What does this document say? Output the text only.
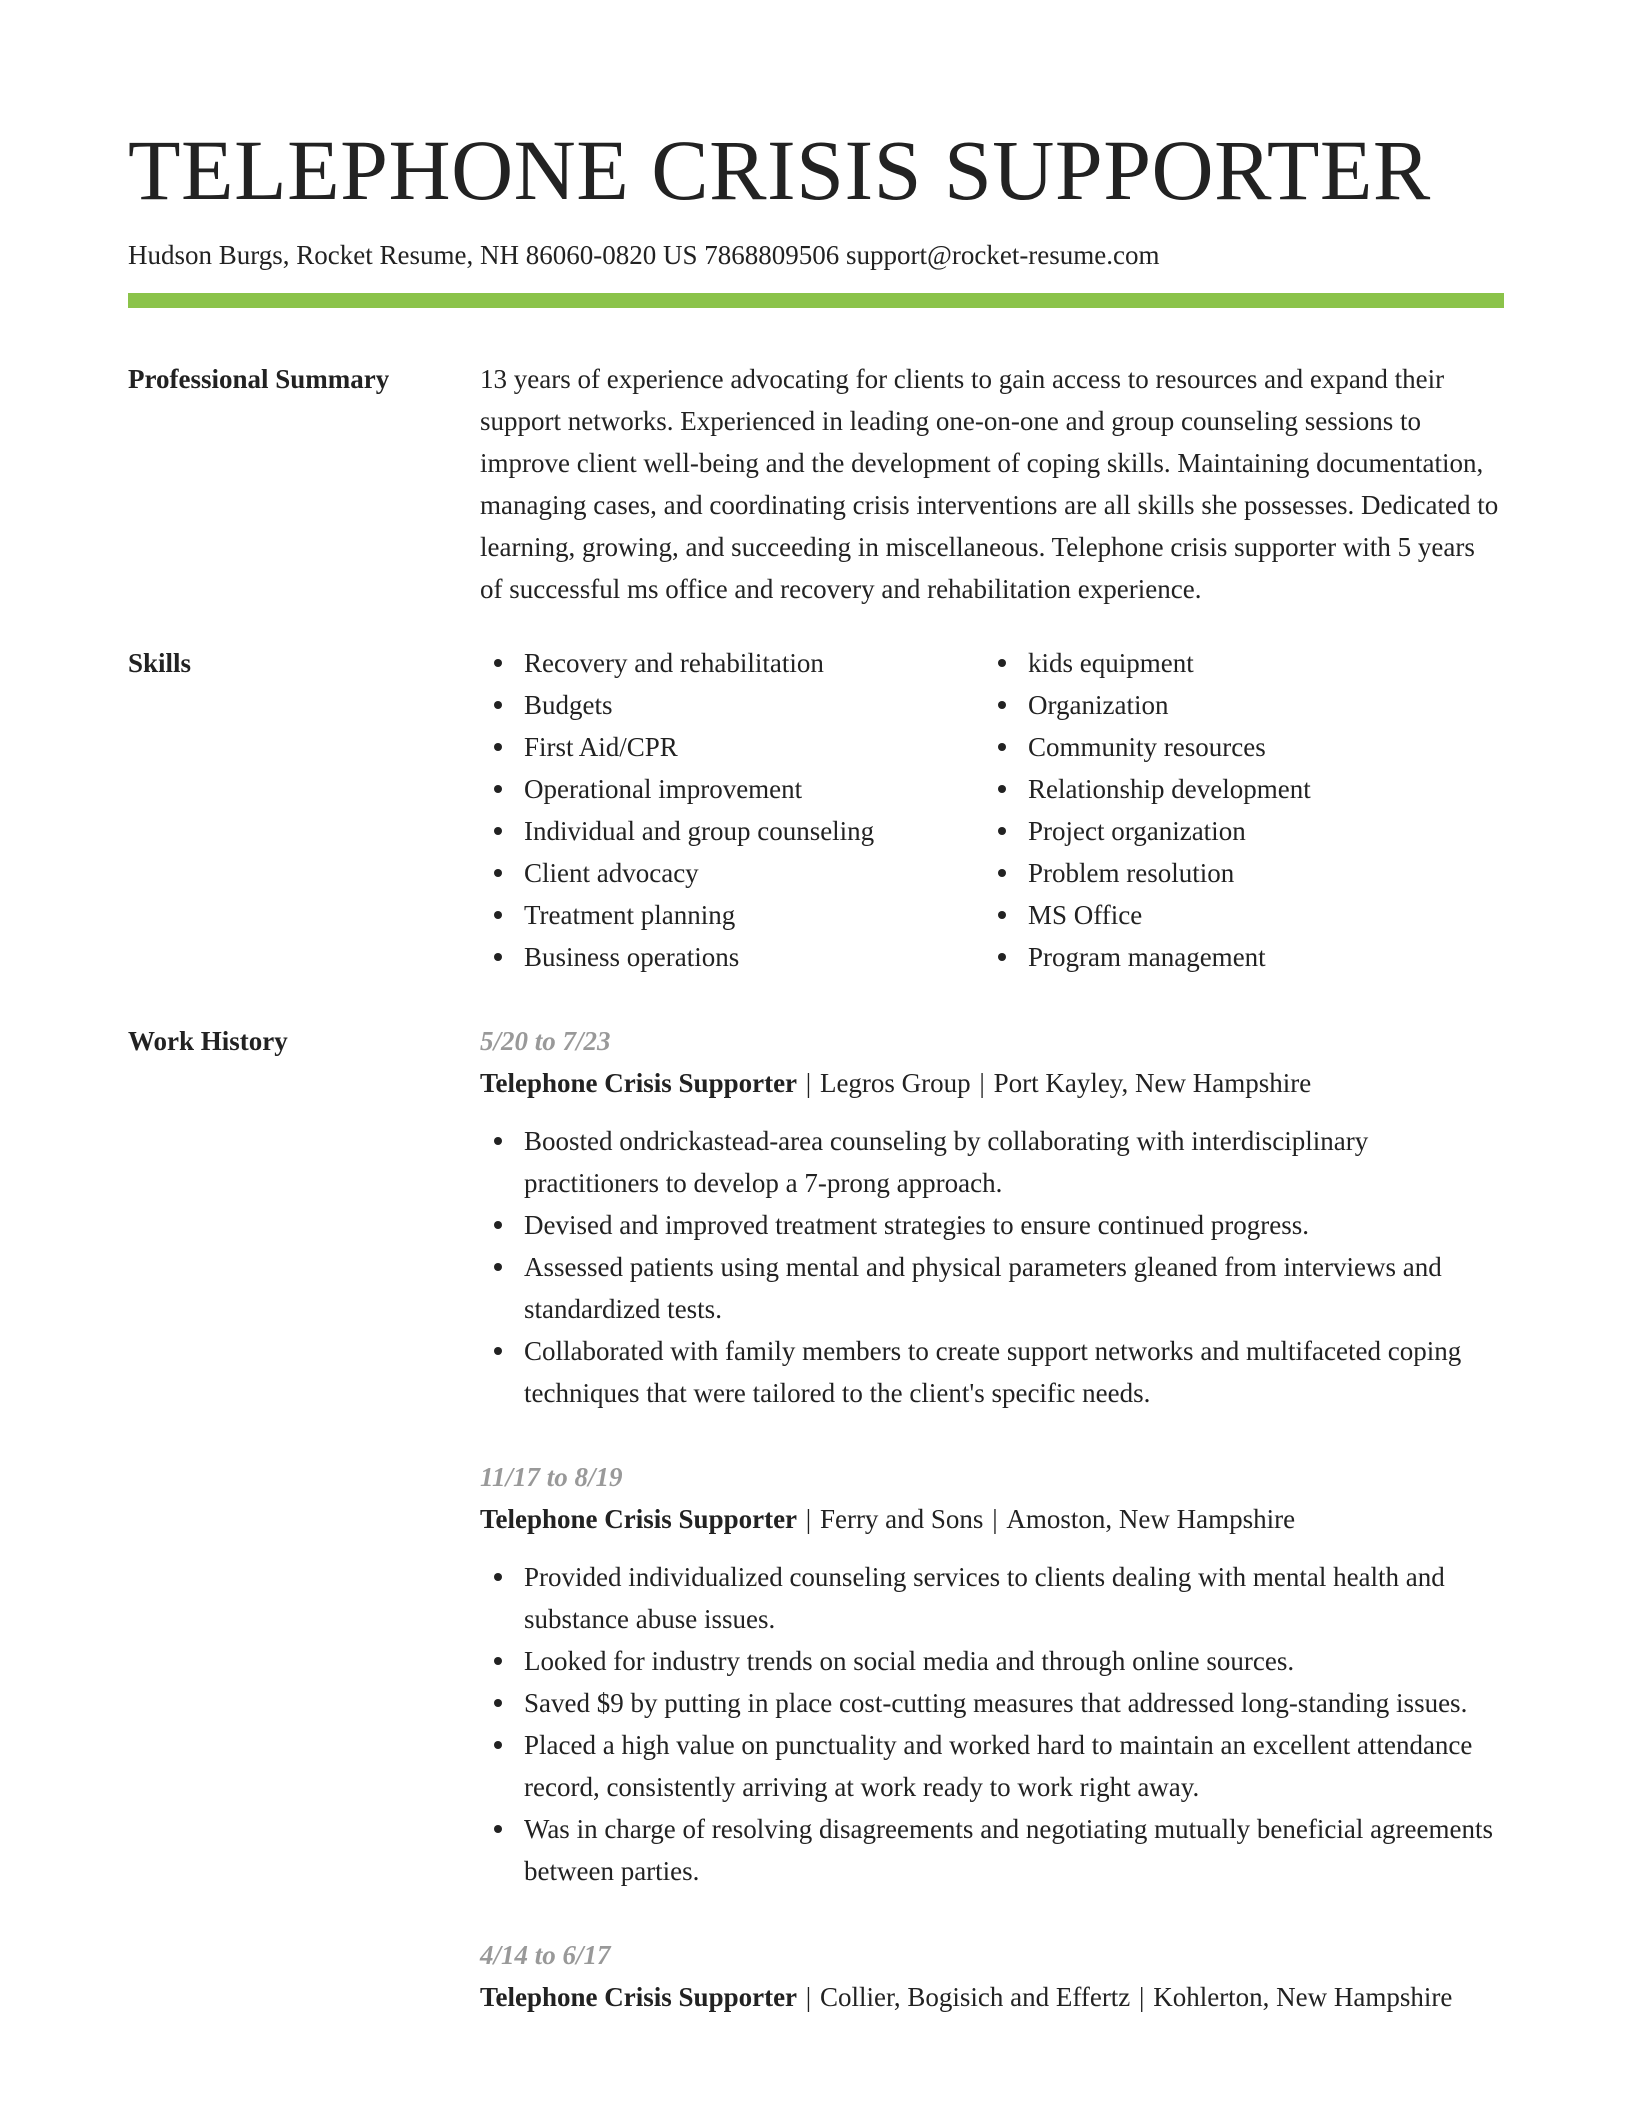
TELEPHONE CRISIS SUPPORTER
Hudson Burgs, Rocket Resume, NH 86060-0820 US 7868809506 support@rocket-resume.com
Professional Summary	13 years of experience advocating for clients to gain access to resources and expand their support networks. Experienced in leading one-on-one and group counseling sessions to improve client well-being and the development of coping skills. Maintaining documentation, managing cases, and coordinating crisis interventions are all skills she possesses. Dedicated to learning, growing, and succeeding in miscellaneous. Telephone crisis supporter with 5 years of successful ms office and recovery and rehabilitation experience.

Skills	Recovery and rehabilitation
Budgets
First Aid/CPR
Operational improvement
Individual and group counseling
Client advocacy
Treatment planning
Business operations
kids equipment
Organization
Community resources
Relationship development
Project organization
Problem resolution
MS Office
Program management
Work History	5/20 to 7/23
Telephone Crisis Supporter | Legros Group | Port Kayley, New Hampshire
Boosted ondrickastead-area counseling by collaborating with interdisciplinary practitioners to develop a 7-prong approach.
Devised and improved treatment strategies to ensure continued progress.
Assessed patients using mental and physical parameters gleaned from interviews and standardized tests.
Collaborated with family members to create support networks and multifaceted coping techniques that were tailored to the client's specific needs.
11/17 to 8/19
Telephone Crisis Supporter | Ferry and Sons | Amoston, New Hampshire
Provided individualized counseling services to clients dealing with mental health and substance abuse issues.
Looked for industry trends on social media and through online sources.
Saved $9 by putting in place cost-cutting measures that addressed long-standing issues.
Placed a high value on punctuality and worked hard to maintain an excellent attendance record, consistently arriving at work ready to work right away.
Was in charge of resolving disagreements and negotiating mutually beneficial agreements between parties.
4/14 to 6/17
Telephone Crisis Supporter | Collier, Bogisich and Effertz | Kohlerton, New Hampshire
